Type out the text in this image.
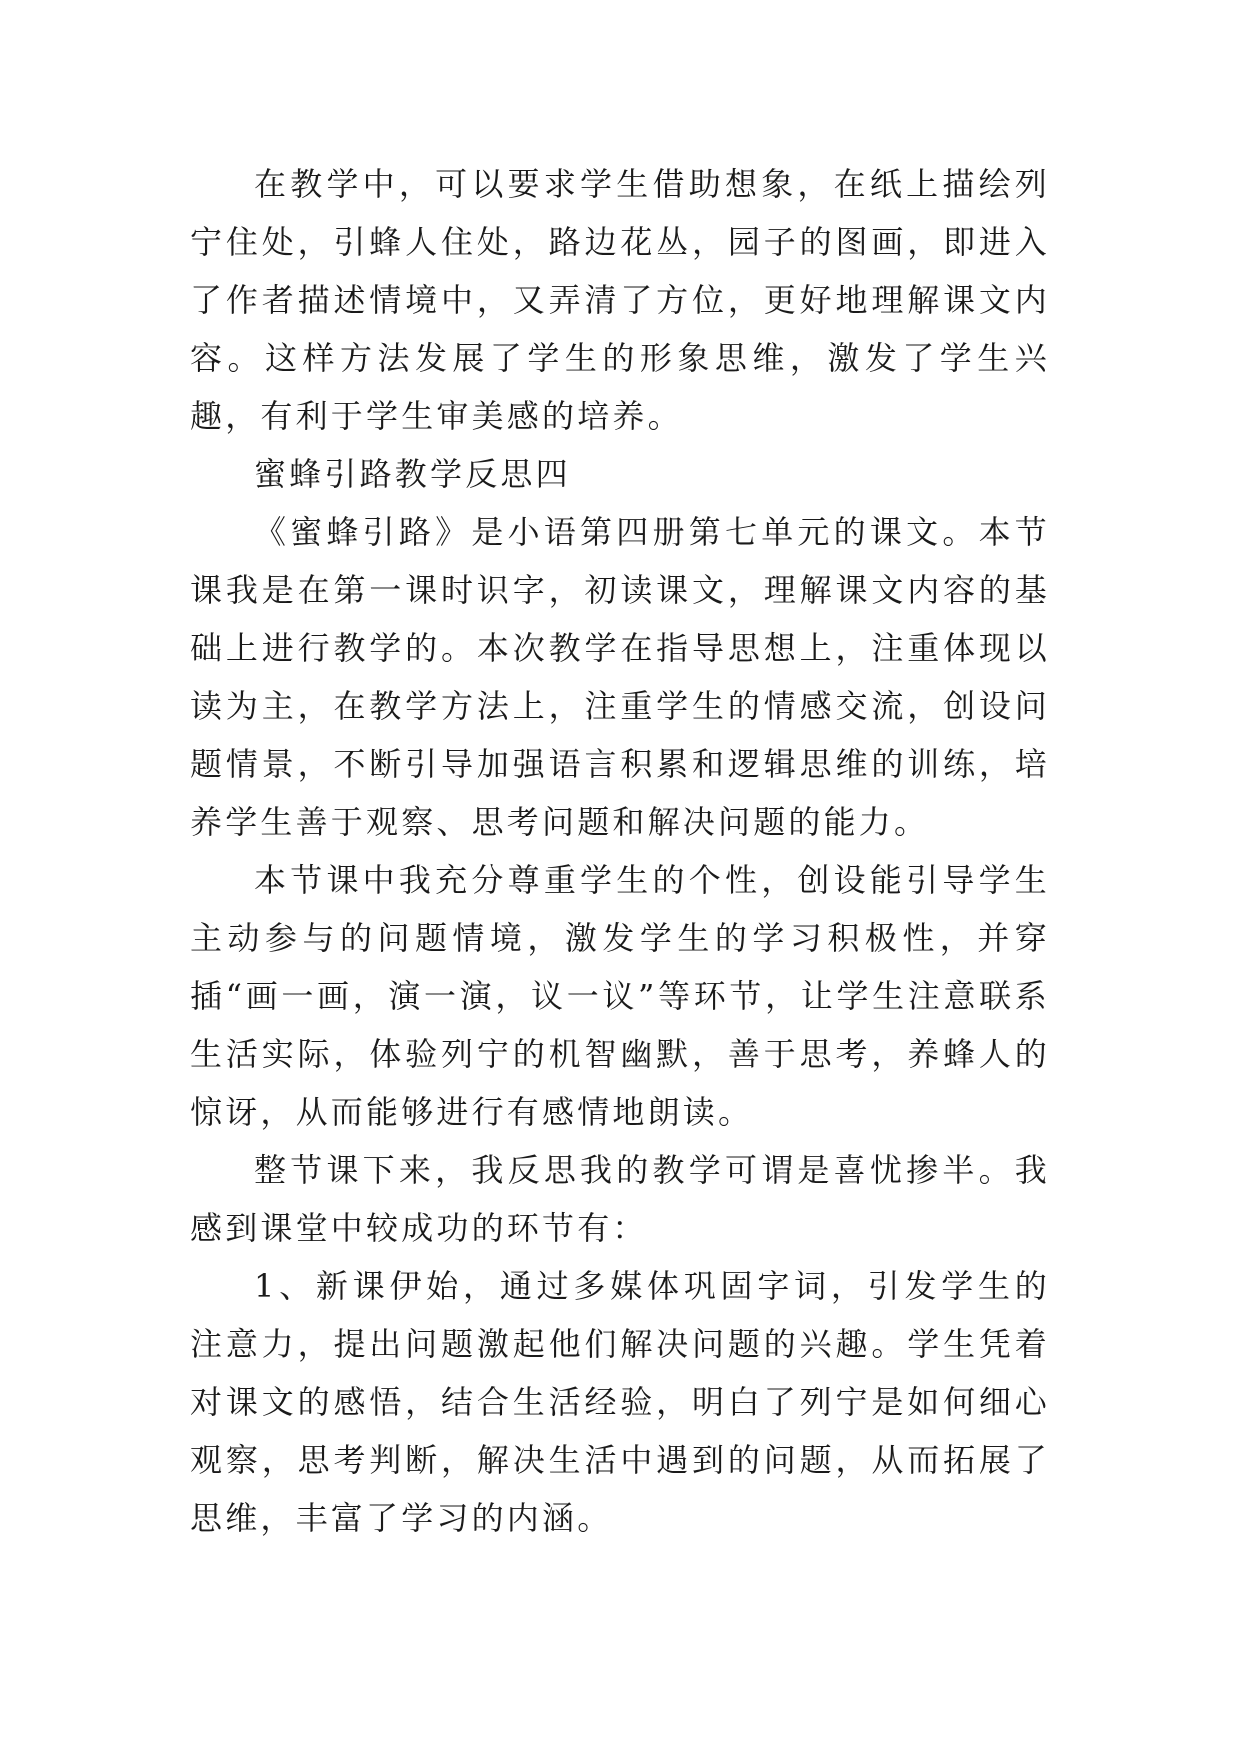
在教学中，可以要求学生借助想象，在纸上描绘列宁住处，引蜂人住处，路边花丛，园子的图画，即进入了作者描述情境中，又弄清了方位，更好地理解课文内容。这样方法发展了学生的形象思维，激发了学生兴趣，有利于学生审美感的培养。

蜜蜂引路教学反思四

《蜜蜂引路》是小语第四册第七单元的课文。本节课我是在第一课时识字，初读课文，理解课文内容的基础上进行教学的。本次教学在指导思想上，注重体现以读为主，在教学方法上，注重学生的情感交流，创设问题情景，不断引导加强语言积累和逻辑思维的训练，培养学生善于观察、思考问题和解决问题的能力。

本节课中我充分尊重学生的个性，创设能引导学生主动参与的问题情境，激发学生的学习积极性，并穿插“画一画，演一演，议一议”等环节，让学生注意联系生活实际，体验列宁的机智幽默，善于思考，养蜂人的惊讶，从而能够进行有感情地朗读。

整节课下来，我反思我的教学可谓是喜忧掺半。我感到课堂中较成功的环节有：

1、新课伊始，通过多媒体巩固字词，引发学生的注意力，提出问题激起他们解决问题的兴趣。学生凭着对课文的感悟，结合生活经验，明白了列宁是如何细心观察，思考判断，解决生活中遇到的问题，从而拓展了思维，丰富了学习的内涵。
